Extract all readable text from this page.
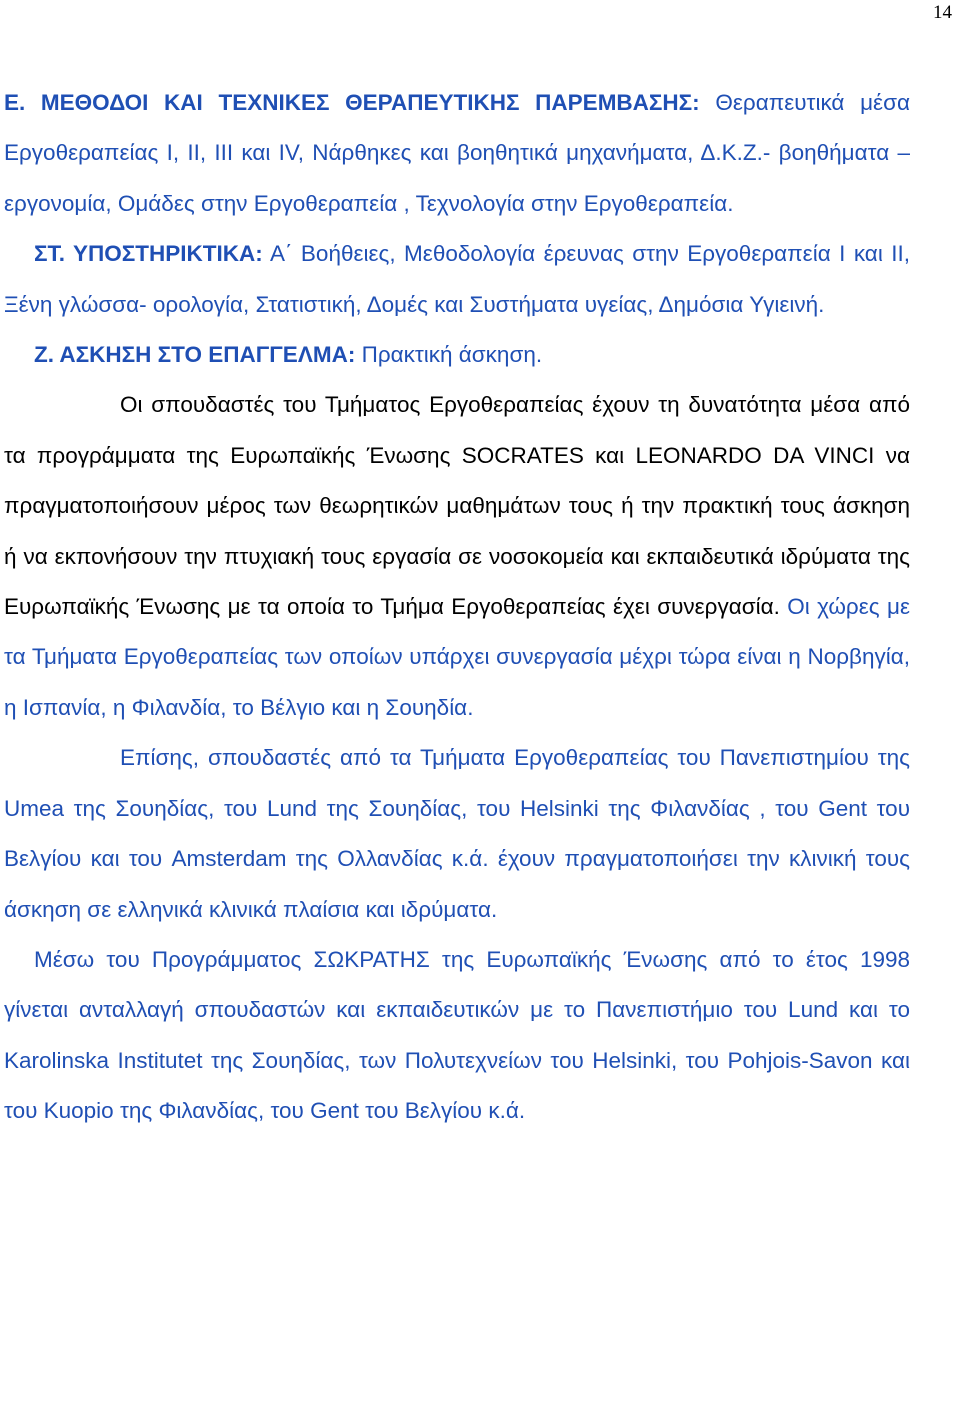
14

Ε. ΜΕΘΟΔΟΙ ΚΑΙ ΤΕΧΝΙΚΕΣ ΘΕΡΑΠΕΥΤΙΚΗΣ ΠΑΡΕΜΒΑΣΗΣ: Θεραπευτικά μέσα Εργοθεραπείας Ι, ΙΙ, ΙΙΙ και ΙV, Νάρθηκες και βοηθητικά μηχανήματα, Δ.Κ.Ζ.- βοηθήματα –εργονομία, Ομάδες στην Εργοθεραπεία , Τεχνολογία στην Εργοθεραπεία.

ΣΤ. ΥΠΟΣΤΗΡΙΚΤΙΚΑ: Α΄ Βοήθειες, Μεθοδολογία έρευνας στην Εργοθεραπεία Ι και ΙΙ, Ξένη γλώσσα- ορολογία, Στατιστική, Δομές και Συστήματα υγείας, Δημόσια Υγιεινή.

Ζ. ΑΣΚΗΣΗ ΣΤΟ ΕΠΑΓΓΕΛΜΑ: Πρακτική άσκηση.

Οι σπουδαστές του Τμήματος Εργοθεραπείας έχουν τη δυνατότητα μέσα από τα προγράμματα της Ευρωπαϊκής Ένωσης SOCRATES και LEONARDO DA VINCI να πραγματοποιήσουν μέρος των θεωρητικών μαθημάτων τους ή την πρακτική τους άσκηση ή να εκπονήσουν την πτυχιακή τους εργασία σε νοσοκομεία και εκπαιδευτικά ιδρύματα της Ευρωπαϊκής Ένωσης με τα οποία το Τμήμα Εργοθεραπείας έχει συνεργασία. Οι χώρες με τα Τμήματα Εργοθεραπείας των οποίων υπάρχει συνεργασία μέχρι τώρα είναι η Νορβηγία, η Ισπανία, η Φιλανδία, το Βέλγιο και η Σουηδία.

Επίσης, σπουδαστές από τα Τμήματα Εργοθεραπείας του Πανεπιστημίου της Umea της Σουηδίας, του Lund της Σουηδίας, του Helsinki της Φιλανδίας , του Gent του Βελγίου και του Amsterdam της Ολλανδίας κ.ά. έχουν πραγματοποιήσει την κλινική τους άσκηση σε ελληνικά κλινικά πλαίσια και ιδρύματα.

Μέσω του Προγράμματος ΣΩΚΡΑΤΗΣ της Ευρωπαϊκής Ένωσης από το έτος 1998 γίνεται ανταλλαγή σπουδαστών και εκπαιδευτικών με το Πανεπιστήμιο του Lund και το Karolinska Institutet της Σουηδίας, των Πολυτεχνείων του Helsinki, του Pohjois-Savon και του Kuopio της Φιλανδίας, του Gent του Βελγίου κ.ά.
